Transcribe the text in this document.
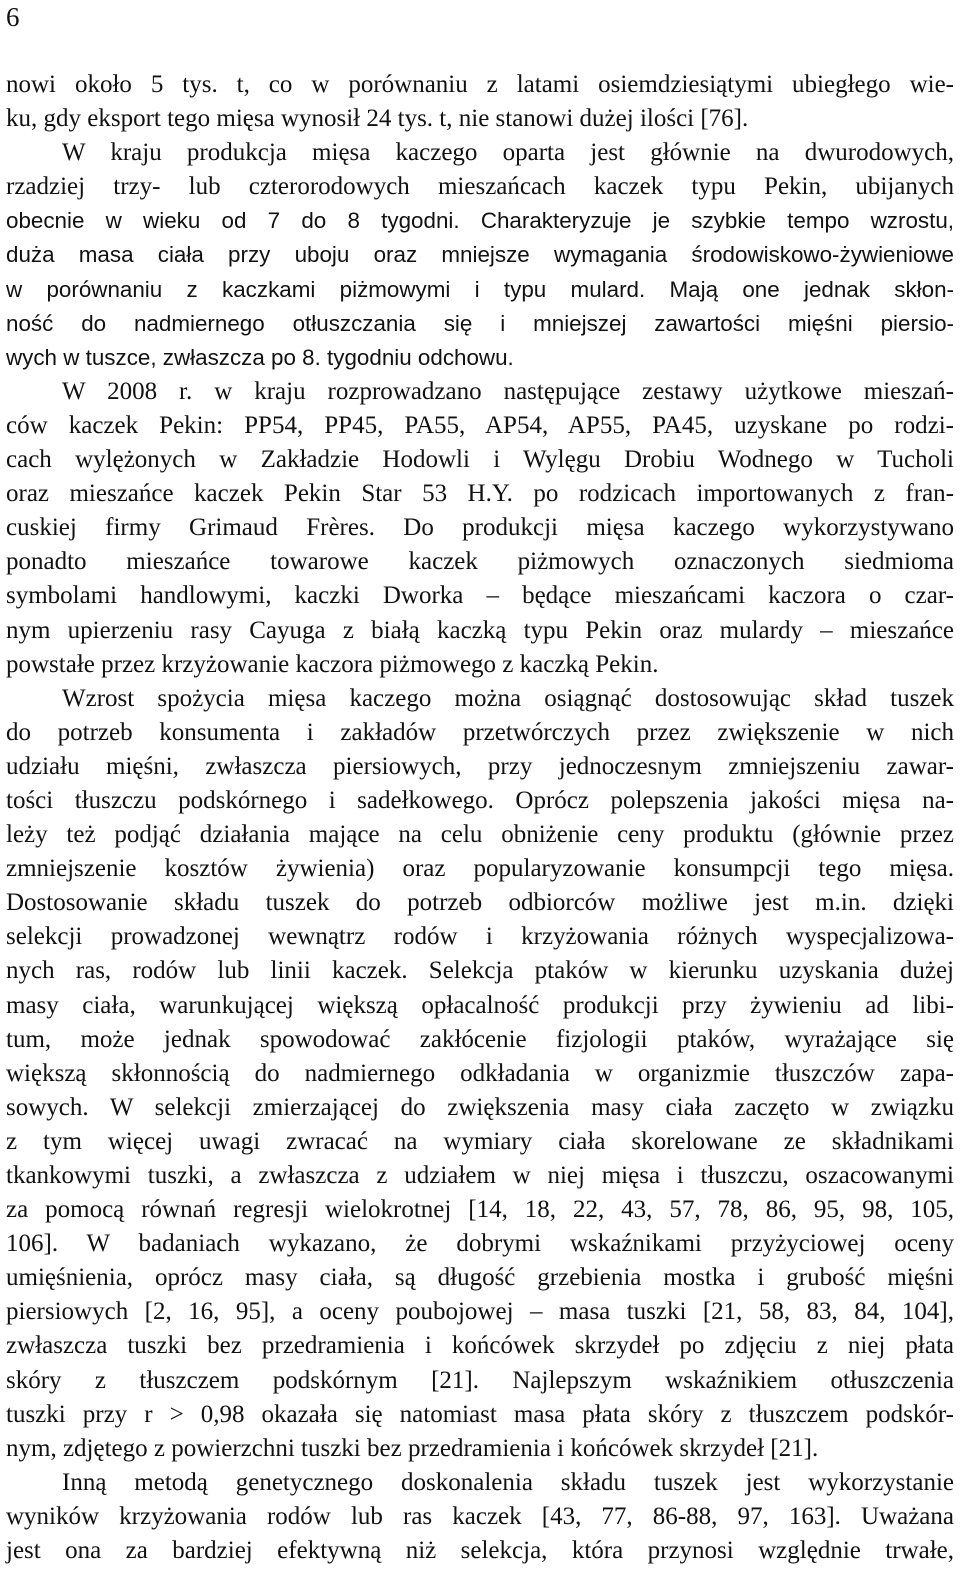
6
nowi około 5 tys. t, co w porównaniu z latami osiemdziesiątymi ubiegłego wie-
ku, gdy eksport tego mięsa wynosił 24 tys. t, nie stanowi dużej ilości [76].
W kraju produkcja mięsa kaczego oparta jest głównie na dwurodowych,
rzadziej trzy- lub czterorodowych mieszańcach kaczek typu Pekin, ubijanych
obecnie w wieku od 7 do 8 tygodni. Charakteryzuje je szybkie tempo wzrostu,
duża masa ciała przy uboju oraz mniejsze wymagania środowiskowo-żywieniowe
w porównaniu z kaczkami piżmowymi i typu mulard. Mają one jednak skłon-
ność do nadmiernego otłuszczania się i mniejszej zawartości mięśni piersio-
wych w tuszce, zwłaszcza po 8. tygodniu odchowu.
W 2008 r. w kraju rozprowadzano następujące zestawy użytkowe mieszań-
ców kaczek Pekin: PP54, PP45, PA55, AP54, AP55, PA45, uzyskane po rodzi-
cach wylężonych w Zakładzie Hodowli i Wylęgu Drobiu Wodnego w Tucholi
oraz mieszańce kaczek Pekin Star 53 H.Y. po rodzicach importowanych z fran-
cuskiej firmy Grimaud Frères. Do produkcji mięsa kaczego wykorzystywano
ponadto mieszańce towarowe kaczek piżmowych oznaczonych siedmioma
symbolami handlowymi, kaczki Dworka – będące mieszańcami kaczora o czar-
nym upierzeniu rasy Cayuga z białą kaczką typu Pekin oraz mulardy – mieszańce
powstałe przez krzyżowanie kaczora piżmowego z kaczką Pekin.
Wzrost spożycia mięsa kaczego można osiągnąć dostosowując skład tuszek
do potrzeb konsumenta i zakładów przetwórczych przez zwiększenie w nich
udziału mięśni, zwłaszcza piersiowych, przy jednoczesnym zmniejszeniu zawar-
tości tłuszczu podskórnego i sadełkowego. Oprócz polepszenia jakości mięsa na-
leży też podjąć działania mające na celu obniżenie ceny produktu (głównie przez
zmniejszenie kosztów żywienia) oraz popularyzowanie konsumpcji tego mięsa.
Dostosowanie składu tuszek do potrzeb odbiorców możliwe jest m.in. dzięki
selekcji prowadzonej wewnątrz rodów i krzyżowania różnych wyspecjalizowa-
nych ras, rodów lub linii kaczek. Selekcja ptaków w kierunku uzyskania dużej
masy ciała, warunkującej większą opłacalność produkcji przy żywieniu ad libi-
tum, może jednak spowodować zakłócenie fizjologii ptaków, wyrażające się
większą skłonnością do nadmiernego odkładania w organizmie tłuszczów zapa-
sowych. W selekcji zmierzającej do zwiększenia masy ciała zaczęto w związku
z tym więcej uwagi zwracać na wymiary ciała skorelowane ze składnikami
tkankowymi tuszki, a zwłaszcza z udziałem w niej mięsa i tłuszczu, oszacowanymi
za pomocą równań regresji wielokrotnej [14, 18, 22, 43, 57, 78, 86, 95, 98, 105,
106]. W badaniach wykazano, że dobrymi wskaźnikami przyżyciowej oceny
umięśnienia, oprócz masy ciała, są długość grzebienia mostka i grubość mięśni
piersiowych [2, 16, 95], a oceny poubojowej – masa tuszki [21, 58, 83, 84, 104],
zwłaszcza tuszki bez przedramienia i końcówek skrzydeł po zdjęciu z niej płata
skóry z tłuszczem podskórnym [21]. Najlepszym wskaźnikiem otłuszczenia
tuszki przy r > 0,98 okazała się natomiast masa płata skóry z tłuszczem podskór-
nym, zdjętego z powierzchni tuszki bez przedramienia i końcówek skrzydeł [21].
Inną metodą genetycznego doskonalenia składu tuszek jest wykorzystanie
wyników krzyżowania rodów lub ras kaczek [43, 77, 86-88, 97, 163]. Uważana
jest ona za bardziej efektywną niż selekcja, która przynosi względnie trwałe,
